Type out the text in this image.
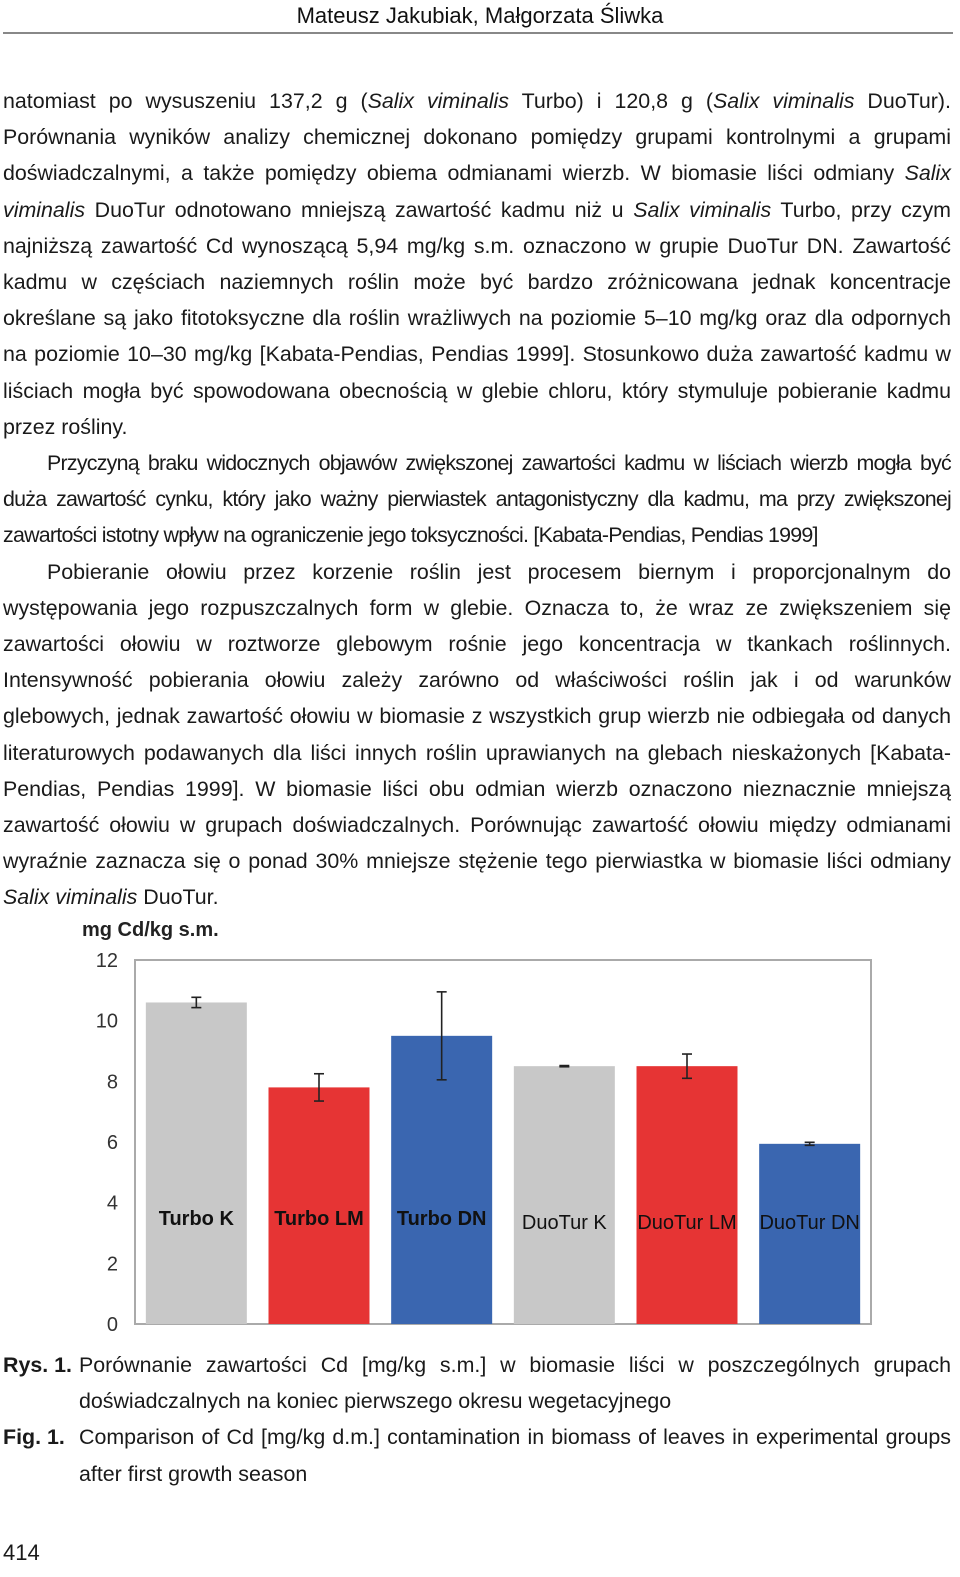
Mateusz Jakubiak, Małgorzata Śliwka

natomiast po wysuszeniu 137,2 g (Salix viminalis Turbo) i 120,8 g (Salix viminalis DuoTur). Porównania wyników analizy chemicznej dokonano pomiędzy grupami kontrolnymi a grupami doświadczalnymi, a także pomiędzy obiema odmianami wierzb. W biomasie liści odmiany Salix viminalis DuoTur odnotowano mniejszą zawartość kadmu niż u Salix viminalis Turbo, przy czym najniższą zawartość Cd wynoszącą 5,94 mg/kg s.m. oznaczono w grupie DuoTur DN. Zawartość kadmu w częściach naziemnych roślin może być bardzo zróżnicowana jednak koncentracje określane są jako fitotoksyczne dla roślin wrażliwych na poziomie 5–10 mg/kg oraz dla odpornych na poziomie 10–30 mg/kg [Kabata-Pendias, Pendias 1999]. Stosunkowo duża zawartość kadmu w liściach mogła być spowodowana obecnością w glebie chloru, który stymuluje pobieranie kadmu przez rośliny.

Przyczyną braku widocznych objawów zwiększonej zawartości kadmu w liściach wierzb mogła być duża zawartość cynku, który jako ważny pierwiastek antagonistyczny dla kadmu, ma przy zwiększonej zawartości istotny wpływ na ograniczenie jego toksyczności. [Kabata-Pendias, Pendias 1999]

Pobieranie ołowiu przez korzenie roślin jest procesem biernym i proporcjonalnym do występowania jego rozpuszczalnych form w glebie. Oznacza to, że wraz ze zwiększeniem się zawartości ołowiu w roztworze glebowym rośnie jego koncentracja w tkankach roślinnych. Intensywność pobierania ołowiu zależy zarówno od właściwości roślin jak i od warunków glebowych, jednak zawartość ołowiu w biomasie z wszystkich grup wierzb nie odbiegała od danych literaturowych podawanych dla liści innych roślin uprawianych na glebach nieskażonych [Kabata-Pendias, Pendias 1999]. W biomasie liści obu odmian wierzb oznaczono nieznacznie mniejszą zawartość ołowiu w grupach doświadczalnych. Porównując zawartość ołowiu między odmianami wyraźnie zaznacza się o ponad 30% mniejsze stężenie tego pierwiastka w biomasie liści odmiany Salix viminalis DuoTur.

mg Cd/kg s.m.
0
2
4
6
8
10
12
Turbo K Turbo LM Turbo DN DuoTur K DuoTur LM DuoTur DN
Rys. 1. Porównanie zawartości Cd [mg/kg s.m.] w biomasie liści w poszczególnych grupach doświadczalnych na koniec pierwszego okresu wegetacyjnego
Fig. 1. Comparison of Cd [mg/kg d.m.] contamination in biomass of leaves in experimental groups after first growth season
414
